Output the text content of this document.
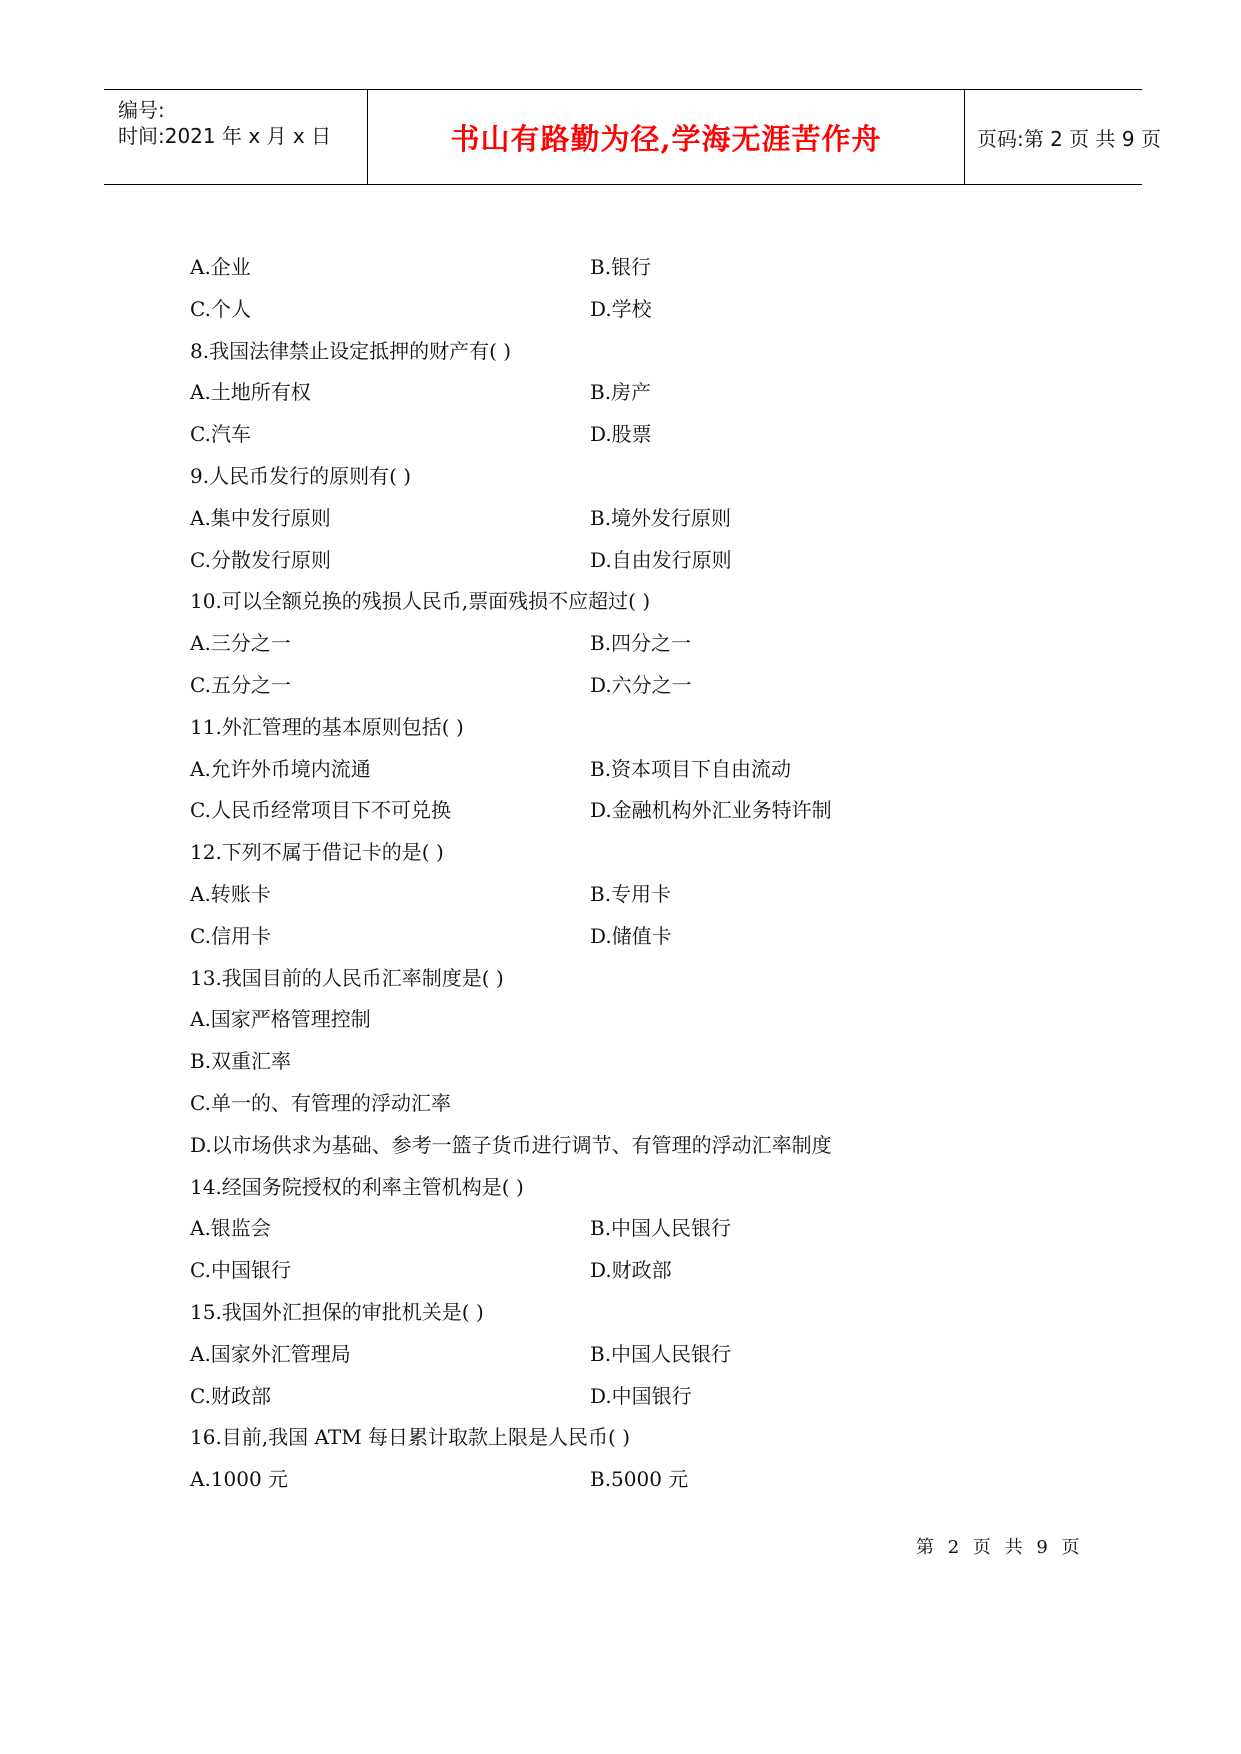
编号:
时间:2021 年 x 月 x 日	书山有路勤为径,学海无涯苦作舟	页码:第 2 页 共 9 页
A.企业	B.银行
C.个人	D.学校
8.我国法律禁止设定抵押的财产有( )
A.土地所有权	B.房产
C.汽车	D.股票
9.人民币发行的原则有( )
A.集中发行原则	B.境外发行原则
C.分散发行原则	D.自由发行原则
10.可以全额兑换的残损人民币,票面残损不应超过( )
A.三分之一	B.四分之一
C.五分之一	D.六分之一
11.外汇管理的基本原则包括( )
A.允许外币境内流通	B.资本项目下自由流动
C.人民币经常项目下不可兑换	D.金融机构外汇业务特许制
12.下列不属于借记卡的是( )
A.转账卡	B.专用卡
C.信用卡	D.储值卡
13.我国目前的人民币汇率制度是( )
A.国家严格管理控制
B.双重汇率
C.单一的、有管理的浮动汇率
D.以市场供求为基础、参考一篮子货币进行调节、有管理的浮动汇率制度
14.经国务院授权的利率主管机构是( )
A.银监会	B.中国人民银行
C.中国银行	D.财政部
15.我国外汇担保的审批机关是( )
A.国家外汇管理局	B.中国人民银行
C.财政部	D.中国银行
16.目前,我国 ATM 每日累计取款上限是人民币( )
A.1000 元	B.5000 元
第 2 页 共 9 页
